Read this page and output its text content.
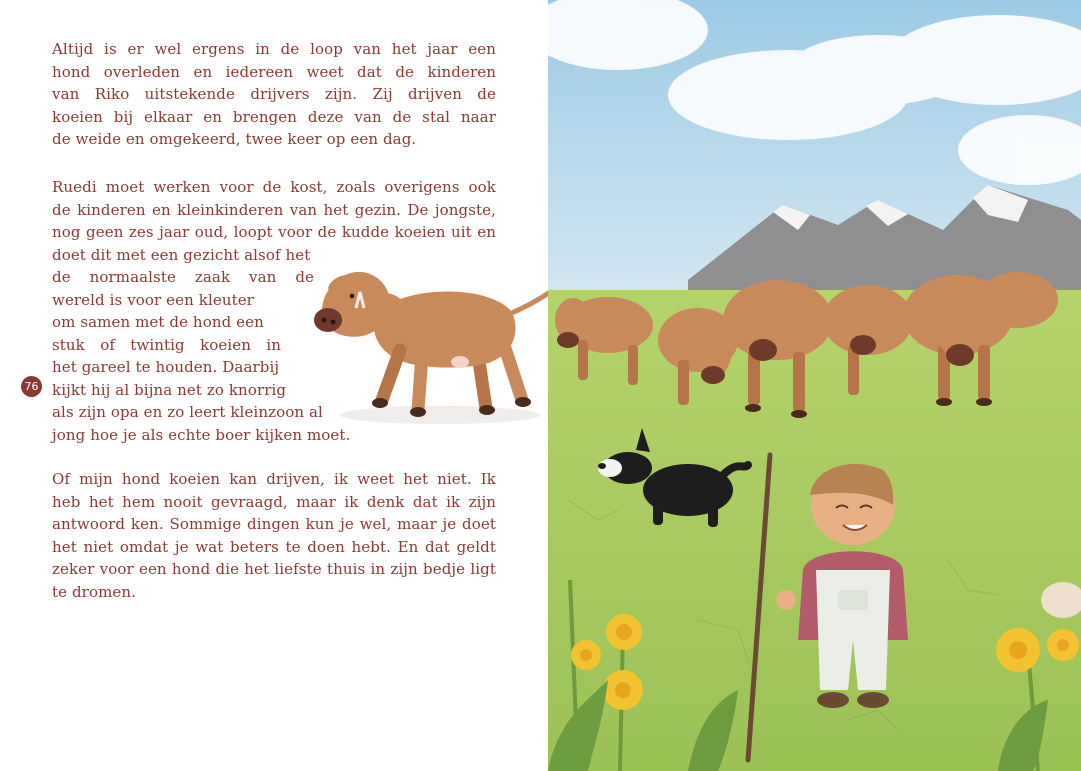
Altijd is er wel ergens in de loop van het jaar een
hond overleden en iedereen weet dat de kinderen
van Riko uitstekende drijvers zijn. Zij drijven de
koeien bij elkaar en brengen deze van de stal naar
de weide en omgekeerd, twee keer op een dag.

Ruedi moet werken voor de kost, zoals overigens ook
de kinderen en kleinkinderen van het gezin. De jongste,
nog geen zes jaar oud, loopt voor de kudde koeien uit en
doet dit met een gezicht alsof het
de normaalste zaak van de
wereld is voor een kleuter
om samen met de hond een
stuk of twintig koeien in
het gareel te houden. Daarbij
kijkt hij al bijna net zo knorrig
als zijn opa en zo leert kleinzoon al
jong hoe je als echte boer kijken moet.

Of mijn hond koeien kan drijven, ik weet het niet. Ik
heb het hem nooit gevraagd, maar ik denk dat ik zijn
antwoord ken. Sommige dingen kun je wel, maar je doet
het niet omdat je wat beters te doen hebt. En dat geldt
zeker voor een hond die het liefste thuis in zijn bedje ligt
te dromen.

76
